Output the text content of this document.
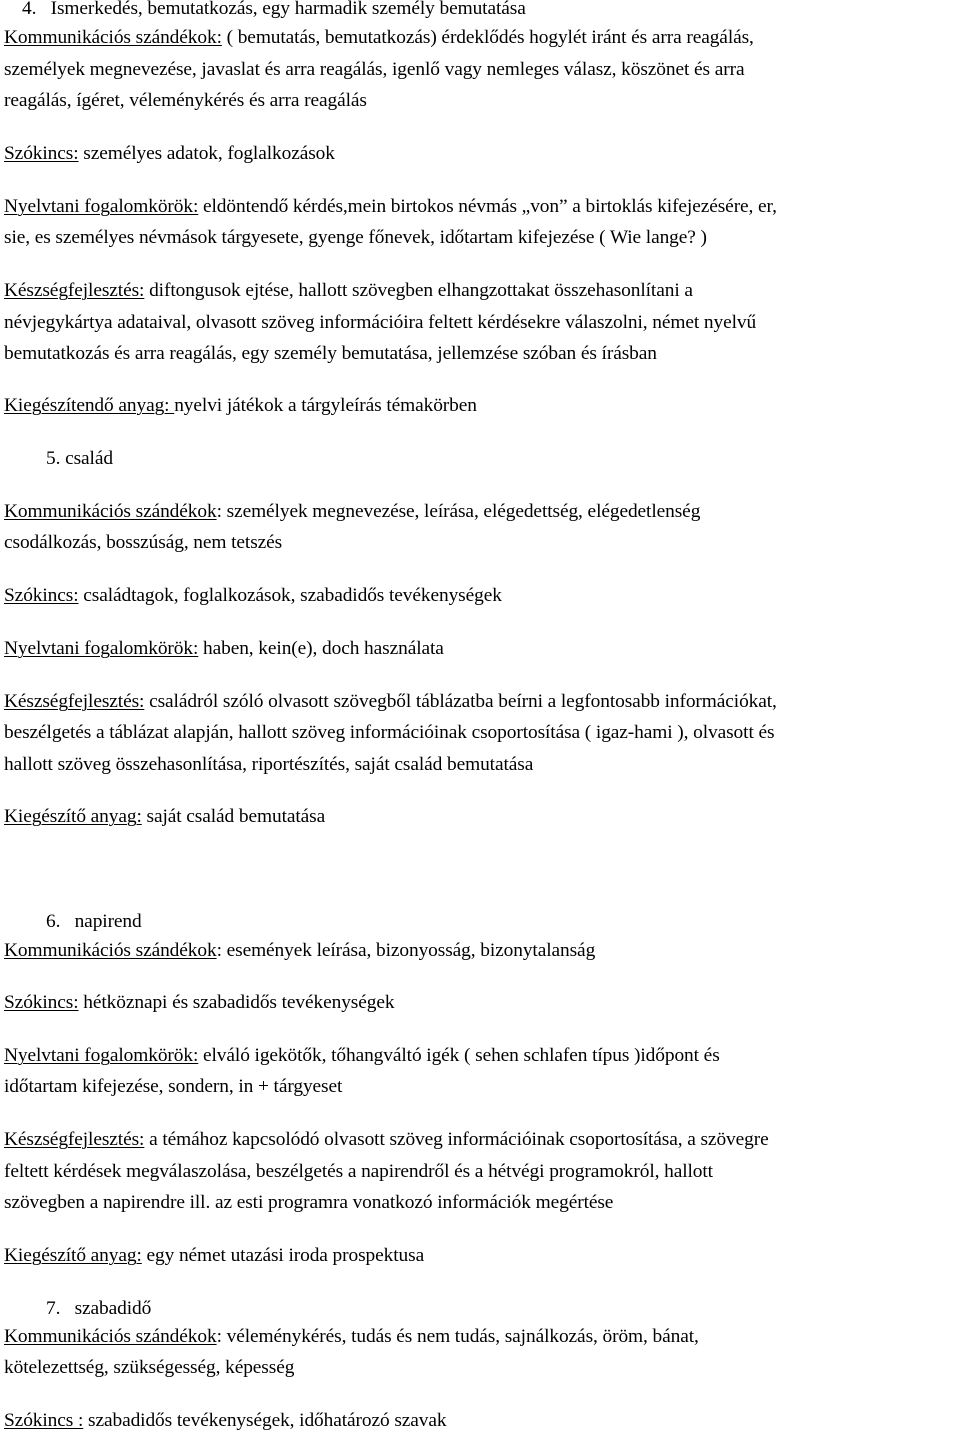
4.   Ismerkedés, bemutatkozás, egy harmadik személy bemutatása
Kommunikációs szándékok: ( bemutatás, bemutatkozás) érdeklődés hogylét iránt és arra reagálás,
személyek megnevezése, javaslat és arra reagálás, igenlő vagy nemleges válasz, köszönet és arra
reagálás, ígéret, véleménykérés és arra reagálás
Szókincs: személyes adatok, foglalkozások
Nyelvtani fogalomkörök: eldöntendő kérdés,mein birtokos névmás „von” a birtoklás kifejezésére, er,
sie, es személyes névmások tárgyesete, gyenge főnevek, időtartam kifejezése ( Wie lange? )
Készségfejlesztés: diftongusok ejtése, hallott szövegben elhangzottakat összehasonlítani a
névjegykártya adataival, olvasott szöveg információira feltett kérdésekre válaszolni, német nyelvű
bemutatkozás és arra reagálás, egy személy bemutatása, jellemzése szóban és írásban
Kiegészítendő anyag: nyelvi játékok a tárgyleírás témakörben
5. család
Kommunikációs szándékok: személyek megnevezése, leírása, elégedettség, elégedetlenség
csodálkozás, bosszúság, nem tetszés
Szókincs: családtagok, foglalkozások, szabadidős tevékenységek
Nyelvtani fogalomkörök: haben, kein(e), doch használata
Készségfejlesztés: családról szóló olvasott szövegből táblázatba beírni a legfontosabb információkat,
beszélgetés a táblázat alapján, hallott szöveg információinak csoportosítása ( igaz-hami ), olvasott és
hallott szöveg összehasonlítása, riportészítés, saját család bemutatása
Kiegészítő anyag: saját család bemutatása
6.   napirend
Kommunikációs szándékok: események leírása, bizonyosság, bizonytalanság
Szókincs: hétköznapi és szabadidős tevékenységek
Nyelvtani fogalomkörök: elváló igekötők, tőhangváltó igék ( sehen schlafen típus )időpont és
időtartam kifejezése, sondern, in + tárgyeset
Készségfejlesztés: a témához kapcsolódó olvasott szöveg információinak csoportosítása, a szövegre
feltett kérdések megválaszolása, beszélgetés a napirendről és a hétvégi programokról, hallott
szövegben a napirendre ill. az esti programra vonatkozó információk megértése
Kiegészítő anyag: egy német utazási iroda prospektusa
7.   szabadidő
Kommunikációs szándékok: véleménykérés, tudás és nem tudás, sajnálkozás, öröm, bánat,
kötelezettség, szükségesség, képesség
Szókincs : szabadidős tevékenységek, időhatározó szavak
